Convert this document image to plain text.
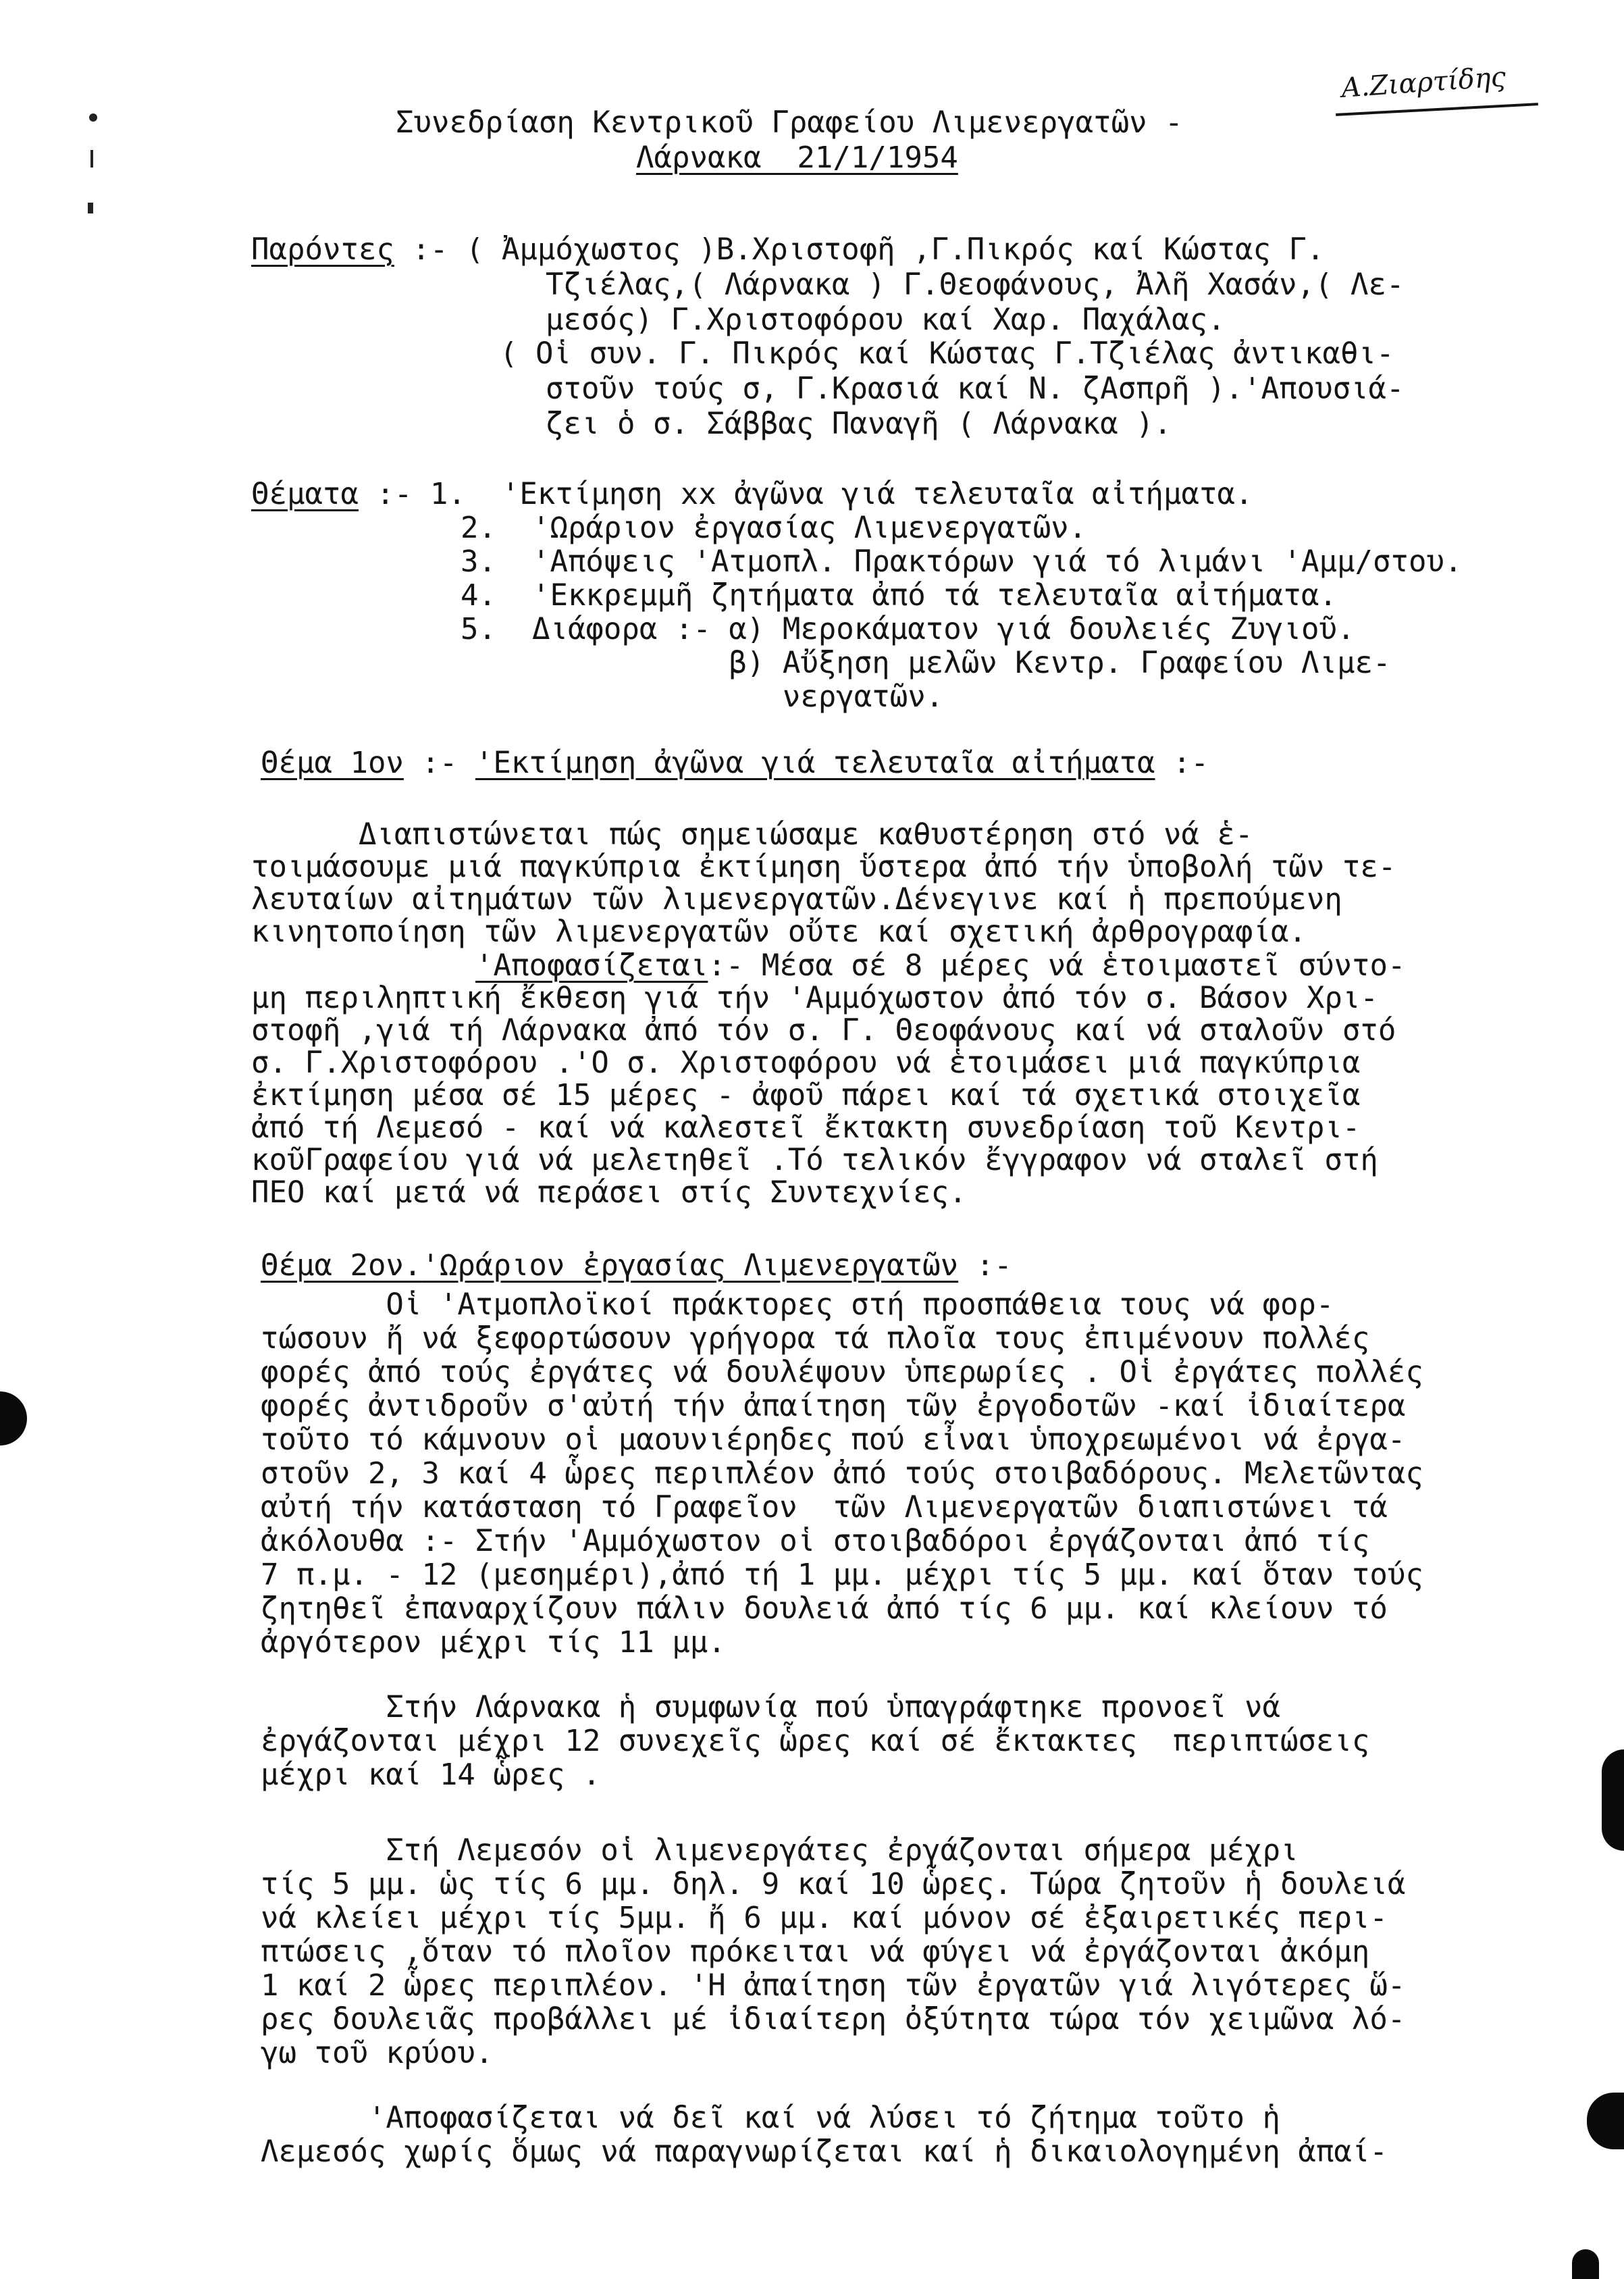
Α.Ζιαρτίδης
Συνεδρίαση Κεντρικοῦ Γραφείου Λιμενεργατῶν -
Λάρνακα  21/1/1954
Παρόντες :- ( Ἀμμόχωστος )Β.Χριστοφῆ ,Γ.Πικρός καί Κώστας Γ.
Τζιέλας,( Λάρνακα ) Γ.Θεοφάνους, Ἀλῆ Χασάν,( Λε-
μεσός) Γ.Χριστοφόρου καί Χαρ. Παχάλας.
( Οἱ συν. Γ. Πικρός καί Κώστας Γ.Τζιέλας ἀντικαθι-
στοῦν τούς σ, Γ.Κρασιά καί Ν. ζΑσπρῆ ).'Απουσιά-
ζει ὁ σ. Σάββας Παναγῆ ( Λάρνακα ).
Θέματα :- 1.  'Εκτίμηση xx ἀγῶνα γιά τελευταῖα αἰτήματα.
2.  'Ωράριον ἐργασίας Λιμενεργατῶν.
3.  'Απόψεις 'Ατμοπλ. Πρακτόρων γιά τό λιμάνι 'Αμμ/στου.
4.  'Εκκρεμμῆ ζητήματα ἀπό τά τελευταῖα αἰτήματα.
5.  Διάφορα :- α) Μεροκάματον γιά δουλειές Ζυγιοῦ.
β) Αὔξηση μελῶν Κεντρ. Γραφείου Λιμε-
νεργατῶν.
Θέμα 1ον :- 'Εκτίμηση ἀγῶνα γιά τελευταῖα αἰτήματα :-
Διαπιστώνεται πώς σημειώσαμε καθυστέρηση στό νά ἑ-
τοιμάσουμε μιά παγκύπρια ἐκτίμηση ὕστερα ἀπό τήν ὑποβολή τῶν τε-
λευταίων αἰτημάτων τῶν λιμενεργατῶν.Δένεγινε καί ἡ πρεπούμενη
κινητοποίηση τῶν λιμενεργατῶν οὔτε καί σχετική ἀρθρογραφία.
'Αποφασίζεται:- Μέσα σέ 8 μέρες νά ἑτοιμαστεῖ σύντο-
μη περιληπτική ἔκθεση γιά τήν 'Αμμόχωστον ἀπό τόν σ. Βάσον Χρι-
στοφῆ ,γιά τή Λάρνακα ἀπό τόν σ. Γ. Θεοφάνους καί νά σταλοῦν στό
σ. Γ.Χριστοφόρου .'Ο σ. Χριστοφόρου νά ἑτοιμάσει μιά παγκύπρια
ἐκτίμηση μέσα σέ 15 μέρες - ἀφοῦ πάρει καί τά σχετικά στοιχεῖα
ἀπό τή Λεμεσό - καί νά καλεστεῖ ἔκτακτη συνεδρίαση τοῦ Κεντρι-
κοῦΓραφείου γιά νά μελετηθεῖ .Τό τελικόν ἔγγραφον νά σταλεῖ στή
ΠΕΟ καί μετά νά περάσει στίς Συντεχνίες.
Θέμα 2ον.'Ωράριον ἐργασίας Λιμενεργατῶν :-
Οἱ 'Ατμοπλοϊκοί πράκτορες στή προσπάθεια τους νά φορ-
τώσουν ἤ νά ξεφορτώσουν γρήγορα τά πλοῖα τους ἐπιμένουν πολλές
φορές ἀπό τούς ἐργάτες νά δουλέψουν ὑπερωρίες . Οἱ ἐργάτες πολλές
φορές ἀντιδροῦν σ'αὐτή τήν ἀπαίτηση τῶν ἐργοδοτῶν -καί ἰδιαίτερα
τοῦτο τό κάμνουν οἱ μαουνιέρηδες πού εἶναι ὑποχρεωμένοι νά ἐργα-
στοῦν 2, 3 καί 4 ὧρες περιπλέον ἀπό τούς στοιβαδόρους. Μελετῶντας
αὐτή τήν κατάσταση τό Γραφεῖον  τῶν Λιμενεργατῶν διαπιστώνει τά
ἀκόλουθα :- Στήν 'Αμμόχωστον οἱ στοιβαδόροι ἐργάζονται ἀπό τίς
7 π.μ. - 12 (μεσημέρι),ἀπό τή 1 μμ. μέχρι τίς 5 μμ. καί ὅταν τούς
ζητηθεῖ ἐπαναρχίζουν πάλιν δουλειά ἀπό τίς 6 μμ. καί κλείουν τό
ἀργότερον μέχρι τίς 11 μμ.
Στήν Λάρνακα ἡ συμφωνία πού ὑπαγράφτηκε προνοεῖ νά
ἐργάζονται μέχρι 12 συνεχεῖς ὧρες καί σέ ἔκτακτες  περιπτώσεις
μέχρι καί 14 ὧρες .
Στή Λεμεσόν οἱ λιμενεργάτες ἐργάζονται σήμερα μέχρι
τίς 5 μμ. ὡς τίς 6 μμ. δηλ. 9 καί 10 ὧρες. Τώρα ζητοῦν ἡ δουλειά
νά κλείει μέχρι τίς 5μμ. ἤ 6 μμ. καί μόνον σέ ἐξαιρετικές περι-
πτώσεις ,ὅταν τό πλοῖον πρόκειται νά φύγει νά ἐργάζονται ἀκόμη
1 καί 2 ὧρες περιπλέον. 'Η ἀπαίτηση τῶν ἐργατῶν γιά λιγότερες ὥ-
ρες δουλειᾶς προβάλλει μέ ἰδιαίτερη ὀξύτητα τώρα τόν χειμῶνα λό-
γω τοῦ κρύου.
'Αποφασίζεται νά δεῖ καί νά λύσει τό ζήτημα τοῦτο ἡ
Λεμεσός χωρίς ὅμως νά παραγνωρίζεται καί ἡ δικαιολογημένη ἀπαί-
